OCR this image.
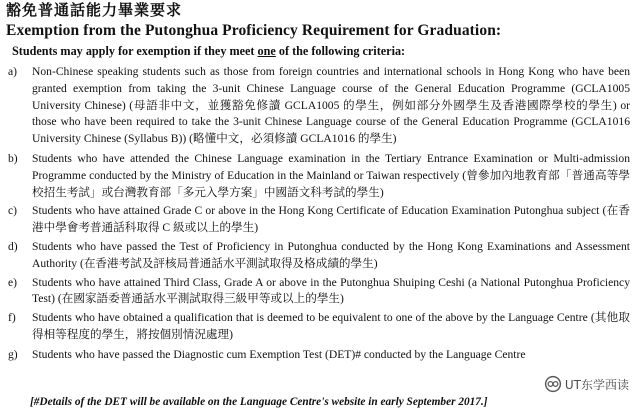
豁免普通話能力畢業要求
Exemption from the Putonghua Proficiency Requirement for Graduation:
Students may apply for exemption if they meet one of the following criteria:
a) Non-Chinese speaking students such as those from foreign countries and international schools in Hong Kong who have been granted exemption from taking the 3-unit Chinese Language course of the General Education Programme (GCLA1005 University Chinese) (母語非中文，並獲豁免修讀 GCLA1005 的學生，例如部分外國學生及香港國際學校的學生) or those who have been required to take the 3-unit Chinese Language course of the General Education Programme (GCLA1016 University Chinese (Syllabus B)) (略懂中文，必須修讀 GCLA1016 的學生)
b) Students who have attended the Chinese Language examination in the Tertiary Entrance Examination or Multi-admission Programme conducted by the Ministry of Education in the Mainland or Taiwan respectively (曾參加內地教育部「普通高等學校招生考試」或台灣教育部「多元入學方案」中國語文科考試的學生)
c) Students who have attained Grade C or above in the Hong Kong Certificate of Education Examination Putonghua subject (在香港中學會考普通話科取得 C 級或以上的學生)
d) Students who have passed the Test of Proficiency in Putonghua conducted by the Hong Kong Examinations and Assessment Authority (在香港考試及評核局普通話水平測試取得及格成績的學生)
e) Students who have attained Third Class, Grade A or above in the Putonghua Shuiping Ceshi (a National Putonghua Proficiency Test) (在國家語委普通話水平測試取得三級甲等或以上的學生)
f) Students who have obtained a qualification that is deemed to be equivalent to one of the above by the Language Centre (其他取得相等程度的學生，將按個別情況處理)
g) Students who have passed the Diagnostic cum Exemption Test (DET)# conducted by the Language Centre
[#Details of the DET will be available on the Language Centre's website in early September 2017.]
UT东学西读
